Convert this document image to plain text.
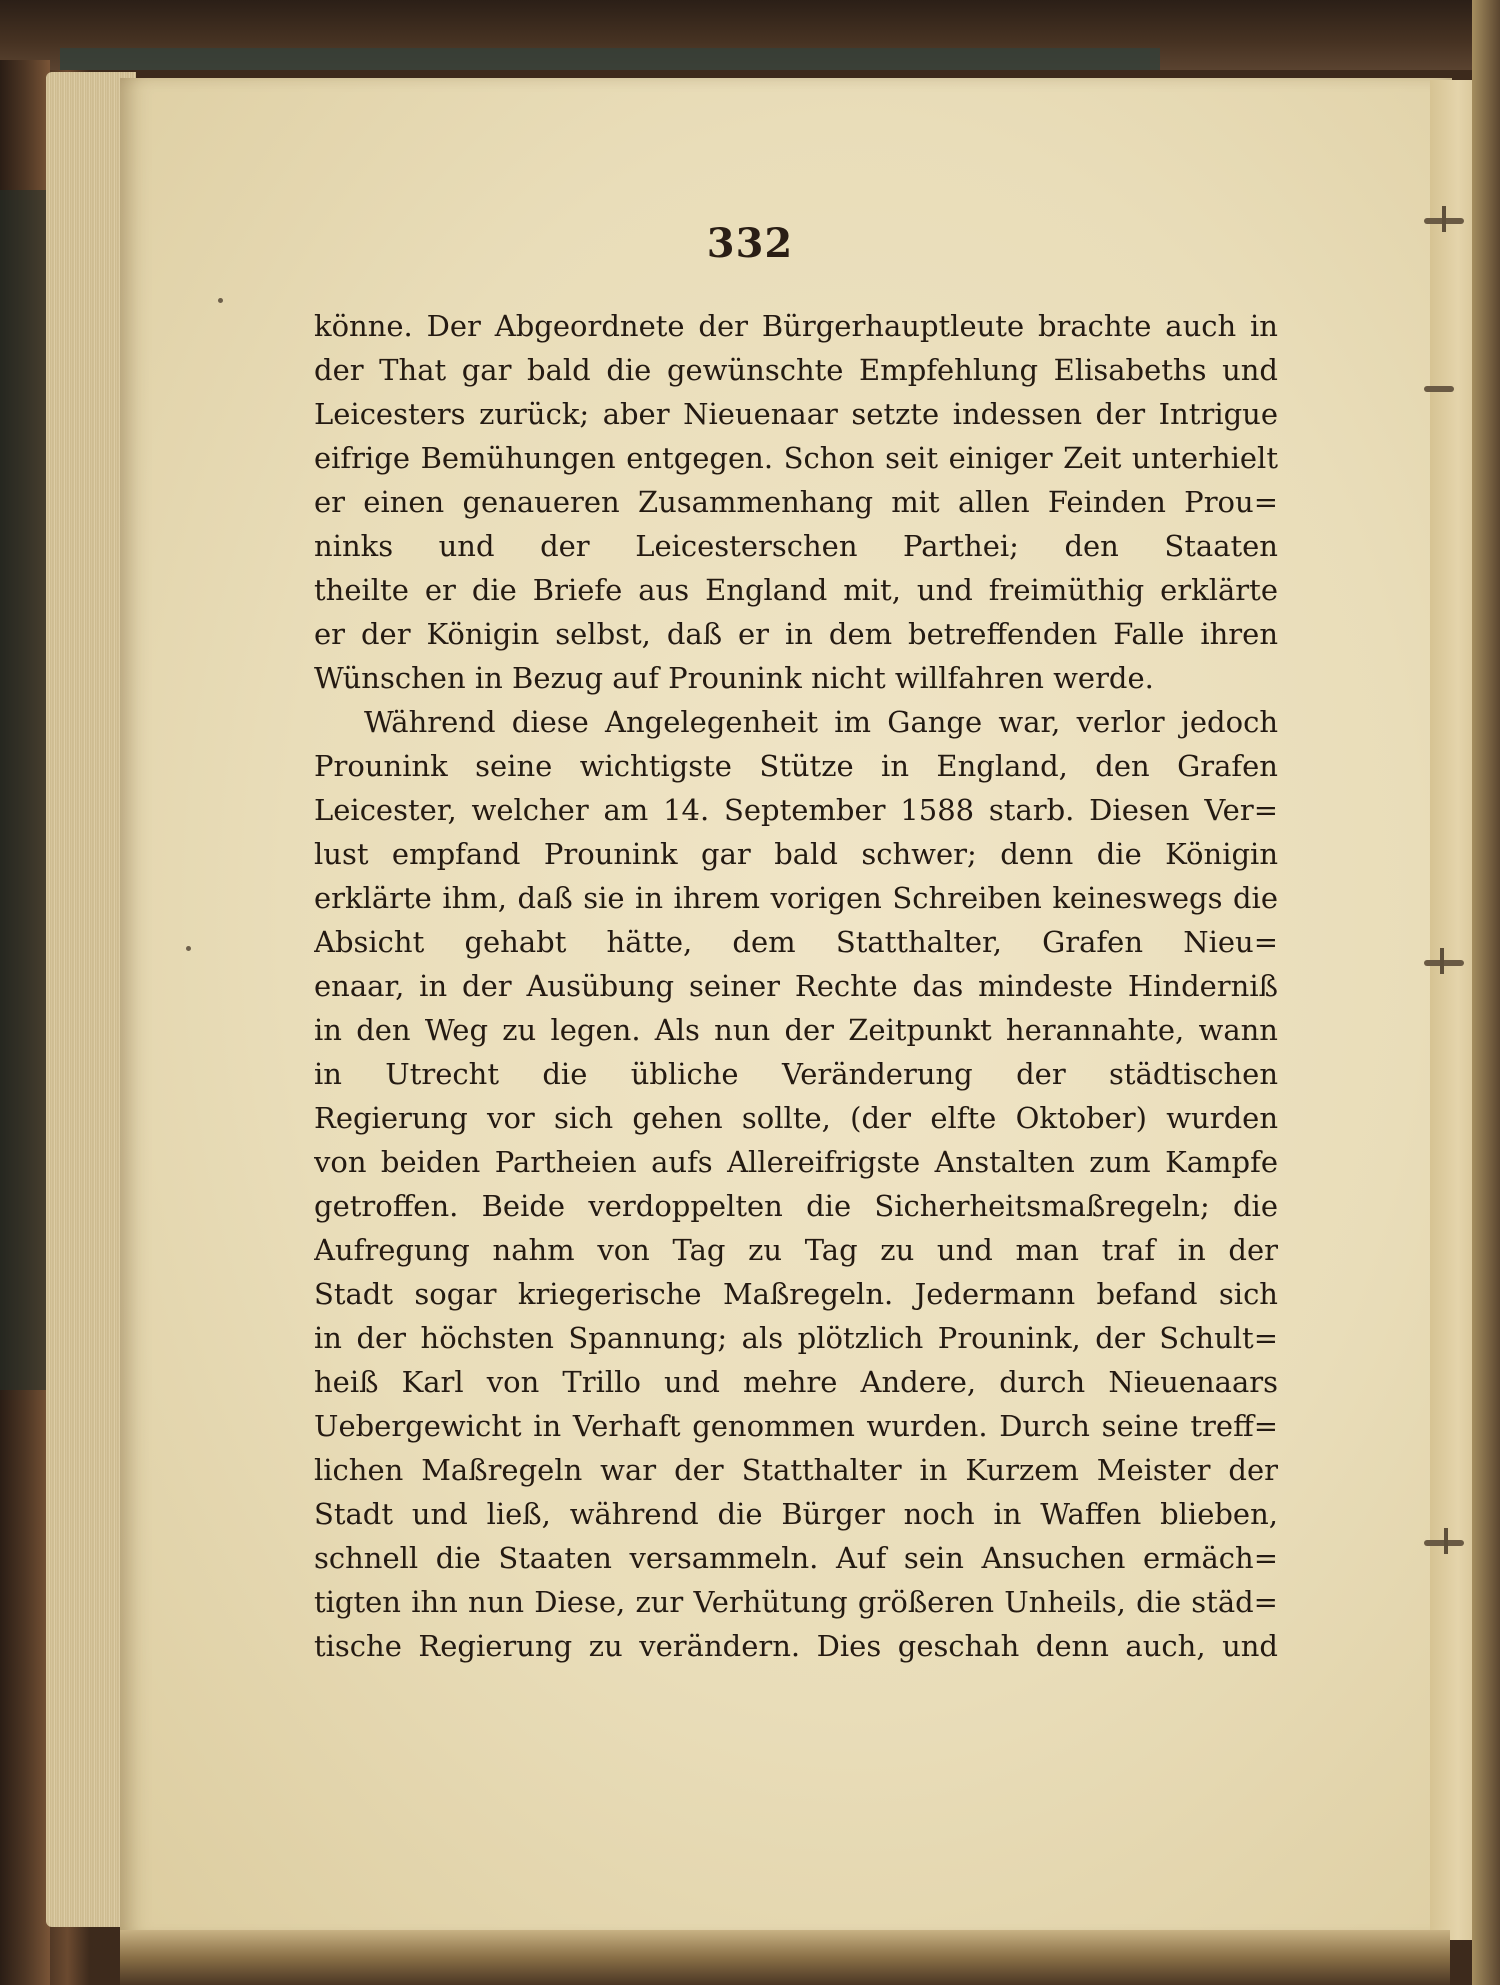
332
könne. Der Abgeordnete der Bürgerhauptleute brachte auch in
der That gar bald die gewünschte Empfehlung Elisabeths und
Leicesters zurück; aber Nieuenaar setzte indessen der Intrigue
eifrige Bemühungen entgegen. Schon seit einiger Zeit unterhielt
er einen genaueren Zusammenhang mit allen Feinden Prou=
ninks und der Leicesterschen Parthei; den Staaten
theilte er die Briefe aus England mit, und freimüthig erklärte
er der Königin selbst, daß er in dem betreffenden Falle ihren
Wünschen in Bezug auf Prounink nicht willfahren werde.
Während diese Angelegenheit im Gange war, verlor jedoch
Prounink seine wichtigste Stütze in England, den Grafen
Leicester, welcher am 14. September 1588 starb. Diesen Ver=
lust empfand Prounink gar bald schwer; denn die Königin
erklärte ihm, daß sie in ihrem vorigen Schreiben keineswegs die
Absicht gehabt hätte, dem Statthalter, Grafen Nieu=
enaar, in der Ausübung seiner Rechte das mindeste Hinderniß
in den Weg zu legen. Als nun der Zeitpunkt herannahte, wann
in Utrecht die übliche Veränderung der städtischen
Regierung vor sich gehen sollte, (der elfte Oktober) wurden
von beiden Partheien aufs Allereifrigste Anstalten zum Kampfe
getroffen. Beide verdoppelten die Sicherheitsmaßregeln; die
Aufregung nahm von Tag zu Tag zu und man traf in der
Stadt sogar kriegerische Maßregeln. Jedermann befand sich
in der höchsten Spannung; als plötzlich Prounink, der Schult=
heiß Karl von Trillo und mehre Andere, durch Nieuenaars
Uebergewicht in Verhaft genommen wurden. Durch seine treff=
lichen Maßregeln war der Statthalter in Kurzem Meister der
Stadt und ließ, während die Bürger noch in Waffen blieben,
schnell die Staaten versammeln. Auf sein Ansuchen ermäch=
tigten ihn nun Diese, zur Verhütung größeren Unheils, die städ=
tische Regierung zu verändern. Dies geschah denn auch, und
